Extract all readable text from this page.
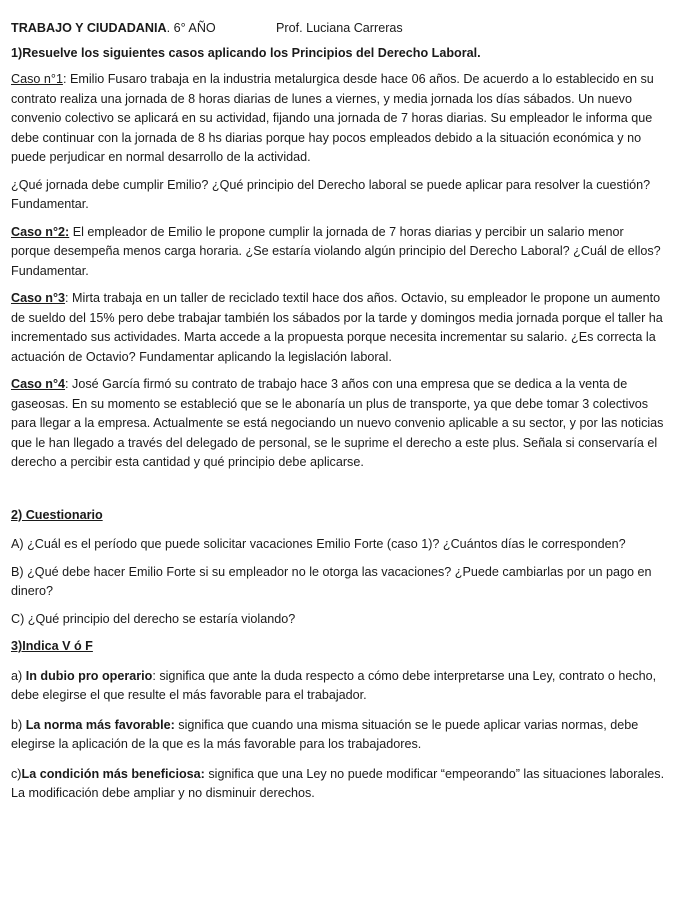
TRABAJO Y CIUDADANIA. 6° AÑO	Prof. Luciana Carreras
1)Resuelve los siguientes casos aplicando los Principios del Derecho Laboral.

Caso n°1: Emilio Fusaro trabaja en la industria metalurgica desde hace 06 años. De acuerdo a lo establecido en su contrato realiza una jornada de 8 horas diarias de lunes a viernes, y media jornada los días sábados. Un nuevo convenio colectivo se aplicará en su actividad, fijando una jornada de 7 horas diarias. Su empleador le informa que debe continuar con la jornada de 8 hs diarias porque hay pocos empleados debido a la situación económica y no puede perjudicar en normal desarrollo de la actividad.

¿Qué jornada debe cumplir Emilio? ¿Qué principio del Derecho laboral se puede aplicar para resolver la cuestión? Fundamentar.

Caso n°2: El empleador de Emilio le propone cumplir la jornada de 7 horas diarias y percibir un salario menor porque desempeña menos carga horaria. ¿Se estaría violando algún principio del Derecho Laboral? ¿Cuál de ellos? Fundamentar.

Caso n°3: Mirta trabaja en un taller de reciclado textil hace dos años. Octavio, su empleador le propone un aumento de sueldo del 15% pero debe trabajar también los sábados por la tarde y domingos media jornada porque el taller ha incrementado sus actividades. Marta accede a la propuesta porque necesita incrementar su salario. ¿Es correcta la actuación de Octavio? Fundamentar aplicando la legislación laboral.

Caso n°4: José García firmó su contrato de trabajo hace 3 años con una empresa que se dedica a la venta de gaseosas. En su momento se estableció que se le abonaría un plus de transporte, ya que debe tomar 3 colectivos para llegar a la empresa. Actualmente se está negociando un nuevo convenio aplicable a su sector, y por las noticias que le han llegado a través del delegado de personal, se le suprime el derecho a este plus. Señala si conservaría el derecho a percibir esta cantidad y qué principio debe aplicarse.

2) Cuestionario

A) ¿Cuál es el período que puede solicitar vacaciones Emilio Forte (caso 1)? ¿Cuántos días le corresponden?

B) ¿Qué debe hacer Emilio Forte si su empleador no le otorga las vacaciones? ¿Puede cambiarlas por un pago en dinero?

C) ¿Qué principio del derecho se estaría violando?

3)Indica V ó F

a) In dubio pro operario: significa que ante la duda respecto a cómo debe interpretarse una Ley, contrato o hecho, debe elegirse el que resulte el más favorable para el trabajador.

b) La norma más favorable: significa que cuando una misma situación se le puede aplicar varias normas, debe elegirse la aplicación de la que es la más favorable para los trabajadores.

c)La condición más beneficiosa: significa que una Ley no puede modificar “empeorando” las situaciones laborales. La modificación debe ampliar y no disminuir derechos.
